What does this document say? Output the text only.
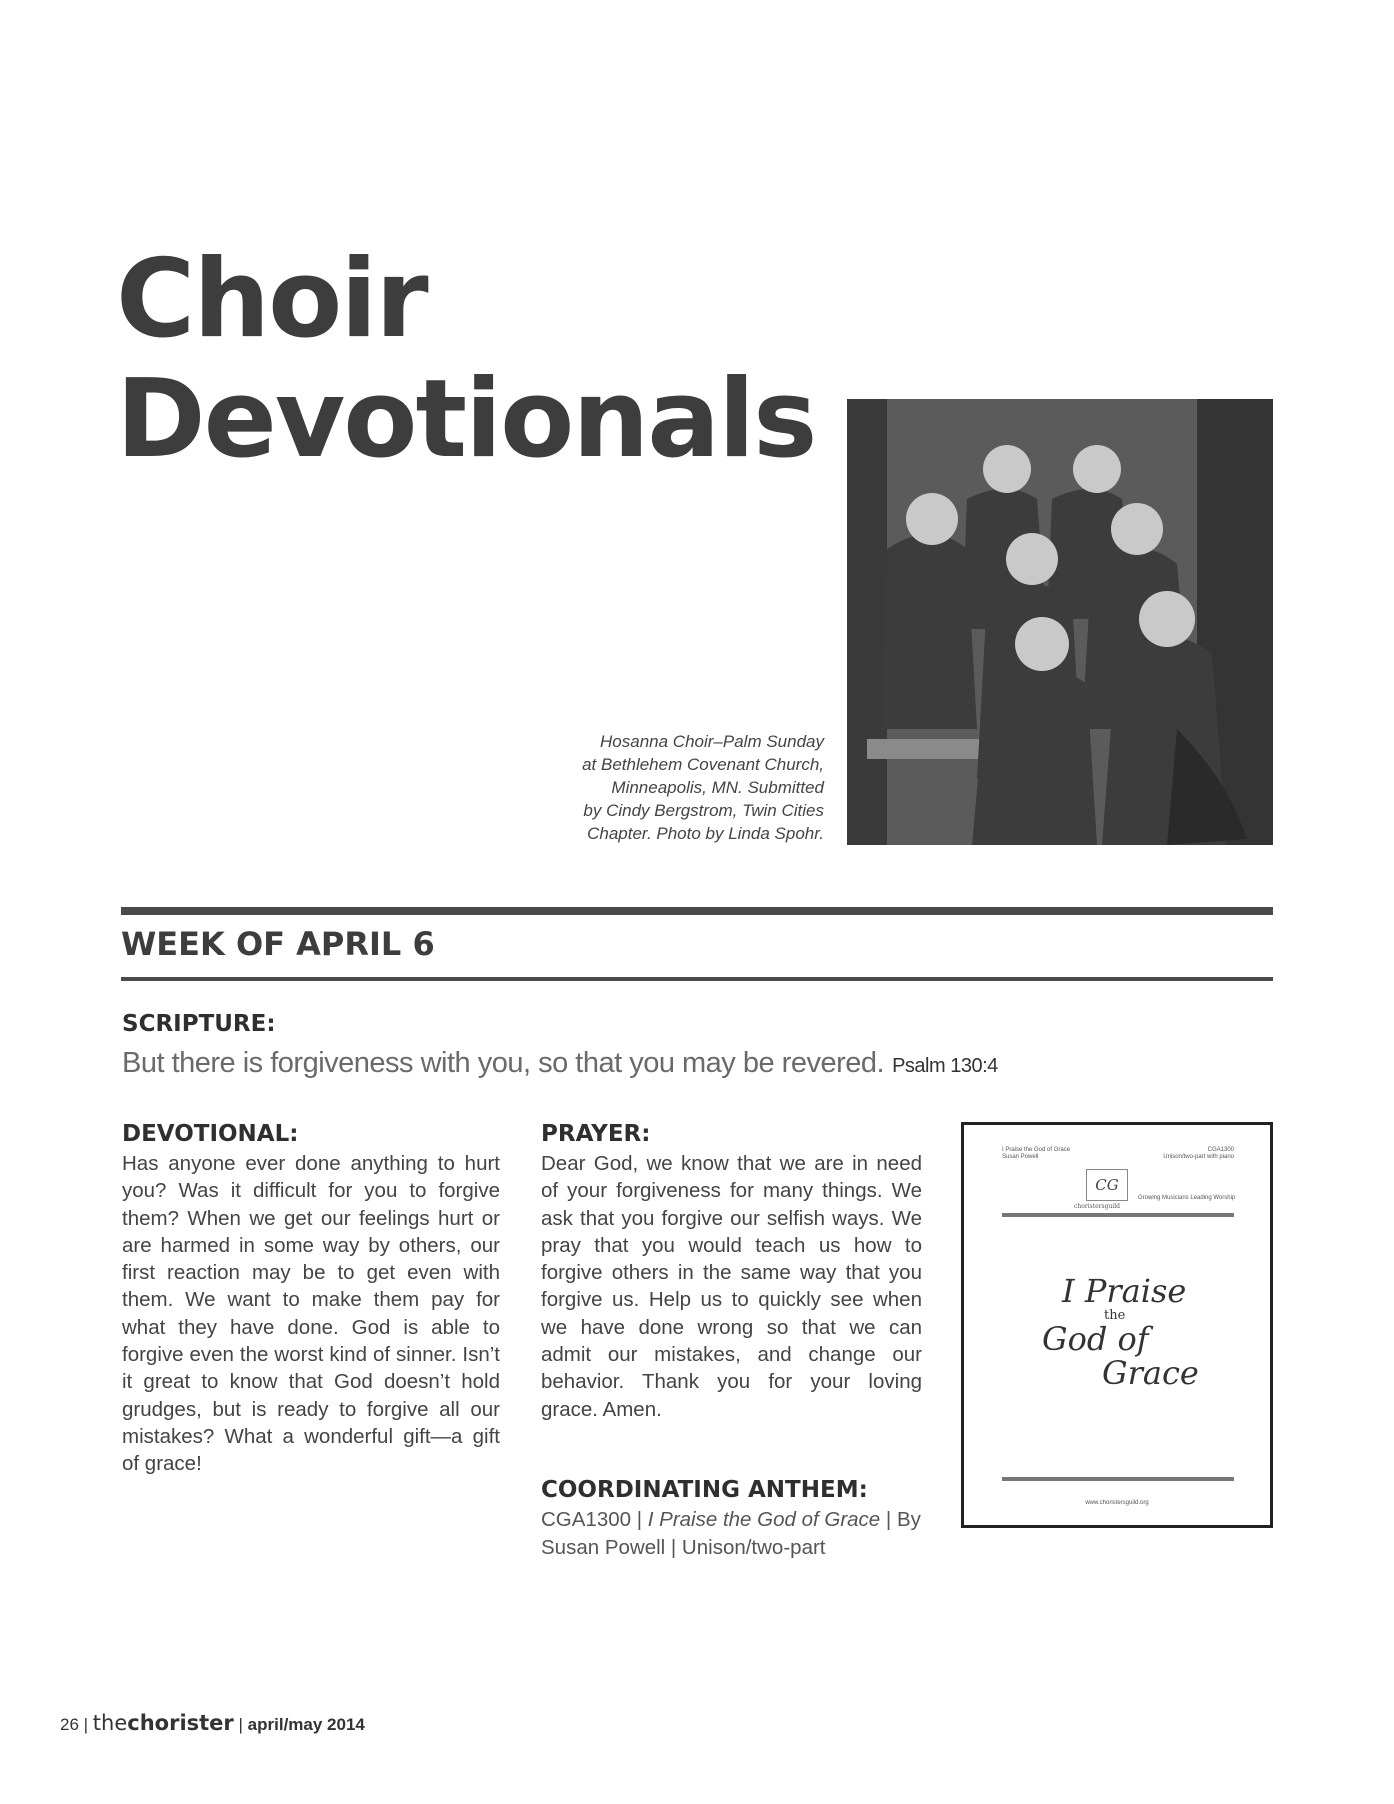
Choir
Devotionals
Hosanna Choir–Palm Sunday
at Bethlehem Covenant Church,
Minneapolis, MN. Submitted
by Cindy Bergstrom, Twin Cities
Chapter. Photo by Linda Spohr.
WEEK OF APRIL 6
SCRIPTURE:
But there is forgiveness with you, so that you may be revered. Psalm 130:4
DEVOTIONAL:

Has anyone ever done anything to hurt you? Was it difficult for you to forgive them? When we get our feelings hurt or are harmed in some way by others, our first reaction may be to get even with them. We want to make them pay for what they have done. God is able to forgive even the worst kind of sinner. Isn’t it great to know that God doesn’t hold grudges, but is ready to forgive all our mistakes? What a wonderful gift—a gift of grace!

PRAYER:

Dear God, we know that we are in need of your forgiveness for many things. We ask that you forgive our selfish ways. We pray that you would teach us how to forgive others in the same way that you forgive us. Help us to quickly see when we have done wrong so that we can admit our mistakes, and change our behavior. Thank you for your loving grace. Amen.

COORDINATING ANTHEM:

CGA1300 | I Praise the God of Grace | By Susan Powell | Unison/two-part

I Praise the God of Grace
Susan Powell
CGA1300
Unison/two-part with piano
CG
choristersguild
Growing Musicians Leading Worship
I Praise
the
God of
Grace
www.choristersguild.org
26 | thechorister | april/may 2014
